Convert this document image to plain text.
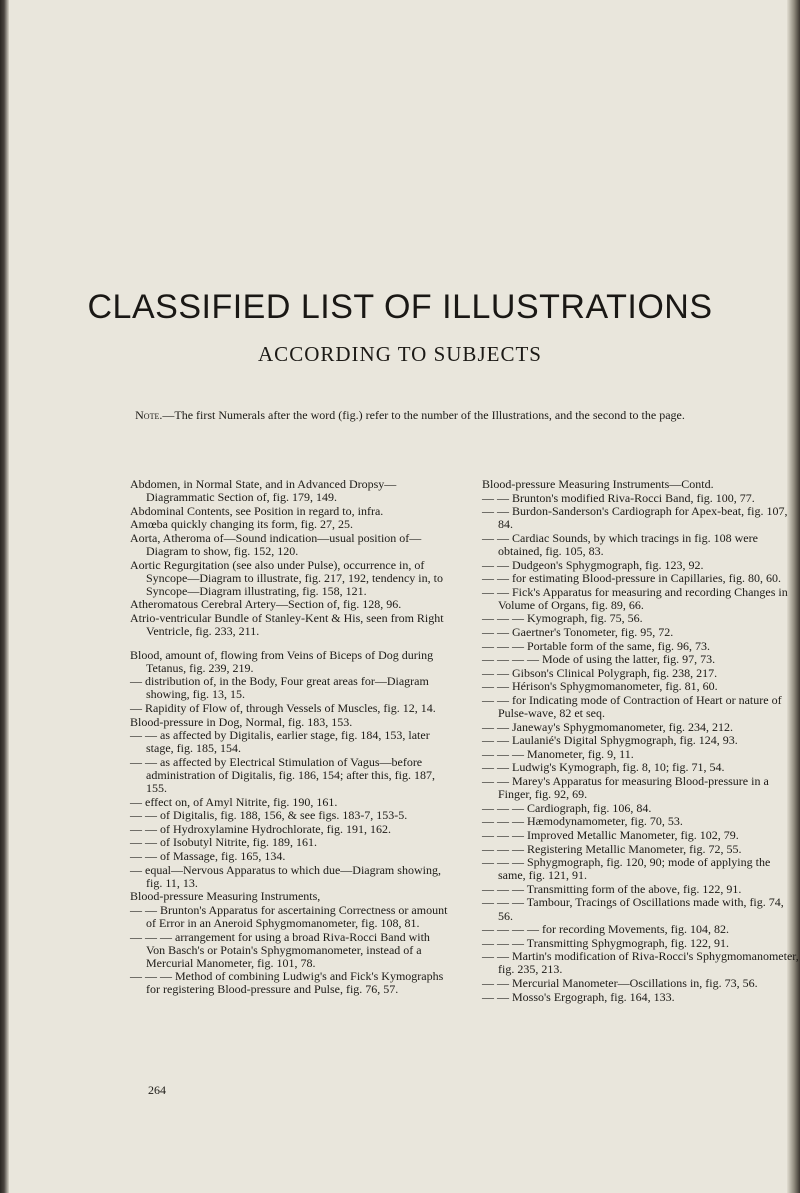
CLASSIFIED LIST OF ILLUSTRATIONS
ACCORDING TO SUBJECTS
Note.—The first Numerals after the word (fig.) refer to the number of the Illustrations, and the second to the page.
Abdomen, in Normal State, and in Advanced Dropsy—Diagrammatic Section of, fig. 179, 149.
Abdominal Contents, see Position in regard to, infra.
Amœba quickly changing its form, fig. 27, 25.
Aorta, Atheroma of—Sound indication—usual position of—Diagram to show, fig. 152, 120.
Aortic Regurgitation (see also under Pulse), occurrence in, of Syncope—Diagram to illustrate, fig. 217, 192, tendency in, to Syncope—Diagram illustrating, fig. 158, 121.
Atheromatous Cerebral Artery—Section of, fig. 128, 96.
Atrio-ventricular Bundle of Stanley-Kent & His, seen from Right Ventricle, fig. 233, 211.
Blood, amount of, flowing from Veins of Biceps of Dog during Tetanus, fig. 239, 219.
— distribution of, in the Body, Four great areas for—Diagram showing, fig. 13, 15.
— Rapidity of Flow of, through Vessels of Muscles, fig. 12, 14.
Blood-pressure in Dog, Normal, fig. 183, 153.
— — as affected by Digitalis, earlier stage, fig. 184, 153, later stage, fig. 185, 154.
— — as affected by Electrical Stimulation of Vagus—before administration of Digitalis, fig. 186, 154; after this, fig. 187, 155.
— effect on, of Amyl Nitrite, fig. 190, 161.
— — of Digitalis, fig. 188, 156, & see figs. 183-7, 153-5.
— — of Hydroxylamine Hydrochlorate, fig. 191, 162.
— — of Isobutyl Nitrite, fig. 189, 161.
— — of Massage, fig. 165, 134.
— equal—Nervous Apparatus to which due—Diagram showing, fig. 11, 13.
Blood-pressure Measuring Instruments,
— — Brunton's Apparatus for ascertaining Correctness or amount of Error in an Aneroid Sphygmomanometer, fig. 108, 81.
— — — arrangement for using a broad Riva-Rocci Band with Von Basch's or Potain's Sphygmomanometer, instead of a Mercurial Manometer, fig. 101, 78.
— — — Method of combining Ludwig's and Fick's Kymographs for registering Blood-pressure and Pulse, fig. 76, 57.
Blood-pressure Measuring Instruments—Contd.
— — Brunton's modified Riva-Rocci Band, fig. 100, 77.
— — Burdon-Sanderson's Cardiograph for Apex-beat, fig. 107, 84.
— — Cardiac Sounds, by which tracings in fig. 108 were obtained, fig. 105, 83.
— — Dudgeon's Sphygmograph, fig. 123, 92.
— — for estimating Blood-pressure in Capillaries, fig. 80, 60.
— — Fick's Apparatus for measuring and recording Changes in Volume of Organs, fig. 89, 66.
— — — Kymograph, fig. 75, 56.
— — Gaertner's Tonometer, fig. 95, 72.
— — — Portable form of the same, fig. 96, 73.
— — — — Mode of using the latter, fig. 97, 73.
— — Gibson's Clinical Polygraph, fig. 238, 217.
— — Hérison's Sphygmomanometer, fig. 81, 60.
— — for Indicating mode of Contraction of Heart or nature of Pulse-wave, 82 et seq.
— — Janeway's Sphygmomanometer, fig. 234, 212.
— — Laulanié's Digital Sphygmograph, fig. 124, 93.
— — — Manometer, fig. 9, 11.
— — Ludwig's Kymograph, fig. 8, 10; fig. 71, 54.
— — Marey's Apparatus for measuring Blood-pressure in a Finger, fig. 92, 69.
— — — Cardiograph, fig. 106, 84.
— — — Hæmodynamometer, fig. 70, 53.
— — — Improved Metallic Manometer, fig. 102, 79.
— — — Registering Metallic Manometer, fig. 72, 55.
— — — Sphygmograph, fig. 120, 90; mode of applying the same, fig. 121, 91.
— — — Transmitting form of the above, fig. 122, 91.
— — — Tambour, Tracings of Oscillations made with, fig. 74, 56.
— — — — for recording Movements, fig. 104, 82.
— — — Transmitting Sphygmograph, fig. 122, 91.
— — Martin's modification of Riva-Rocci's Sphygmomanometer, fig. 235, 213.
— — Mercurial Manometer—Oscillations in, fig. 73, 56.
— — Mosso's Ergograph, fig. 164, 133.
264
